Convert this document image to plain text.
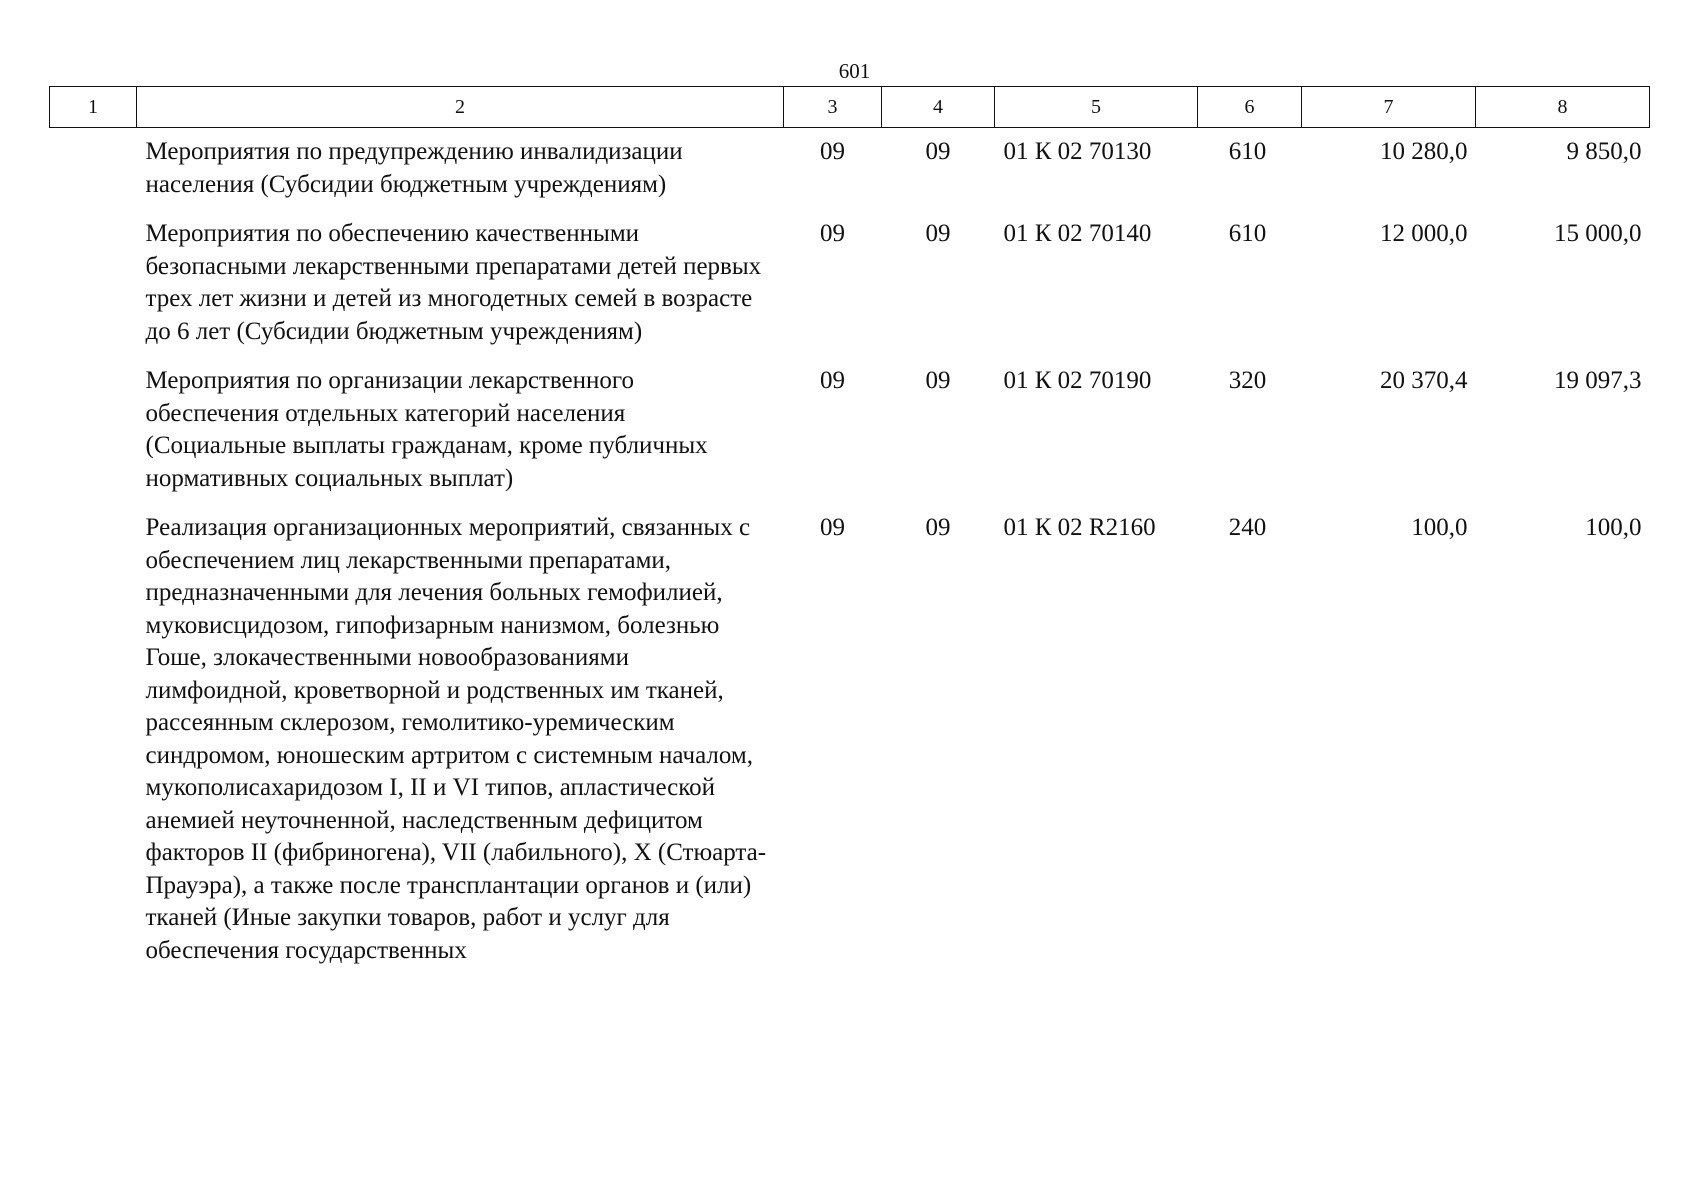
601
1	2	3	4	5	6	7	8
	Мероприятия по предупреждению инвалидизации населения (Субсидии бюджетным учреждениям)	09	09	01 К 02 70130	610	10 280,0	9 850,0
	Мероприятия по обеспечению качественными безопасными лекарственными препаратами детей первых трех лет жизни и детей из многодетных семей в возрасте до 6 лет (Субсидии бюджетным учреждениям)	09	09	01 К 02 70140	610	12 000,0	15 000,0
	Мероприятия по организации лекарственного обеспечения отдельных категорий населения (Социальные выплаты гражданам, кроме публичных нормативных социальных выплат)	09	09	01 К 02 70190	320	20 370,4	19 097,3
	Реализация организационных мероприятий, связанных с обеспечением лиц лекарственными препаратами, предназначенными для лечения больных гемофилией, муковисцидозом, гипофизарным нанизмом, болезнью Гоше, злокачественными новообразованиями лимфоидной, кроветворной и родственных им тканей, рассеянным склерозом, гемолитико-уремическим синдромом, юношеским артритом с системным началом, мукополисахаридозом I, II и VI типов, апластической анемией неуточненной, наследственным дефицитом факторов II (фибриногена), VII (лабильного), X (Стюарта-Прауэра), а также после трансплантации органов и (или) тканей (Иные закупки товаров, работ и услуг для обеспечения государственных	09	09	01 К 02 R2160	240	100,0	100,0
